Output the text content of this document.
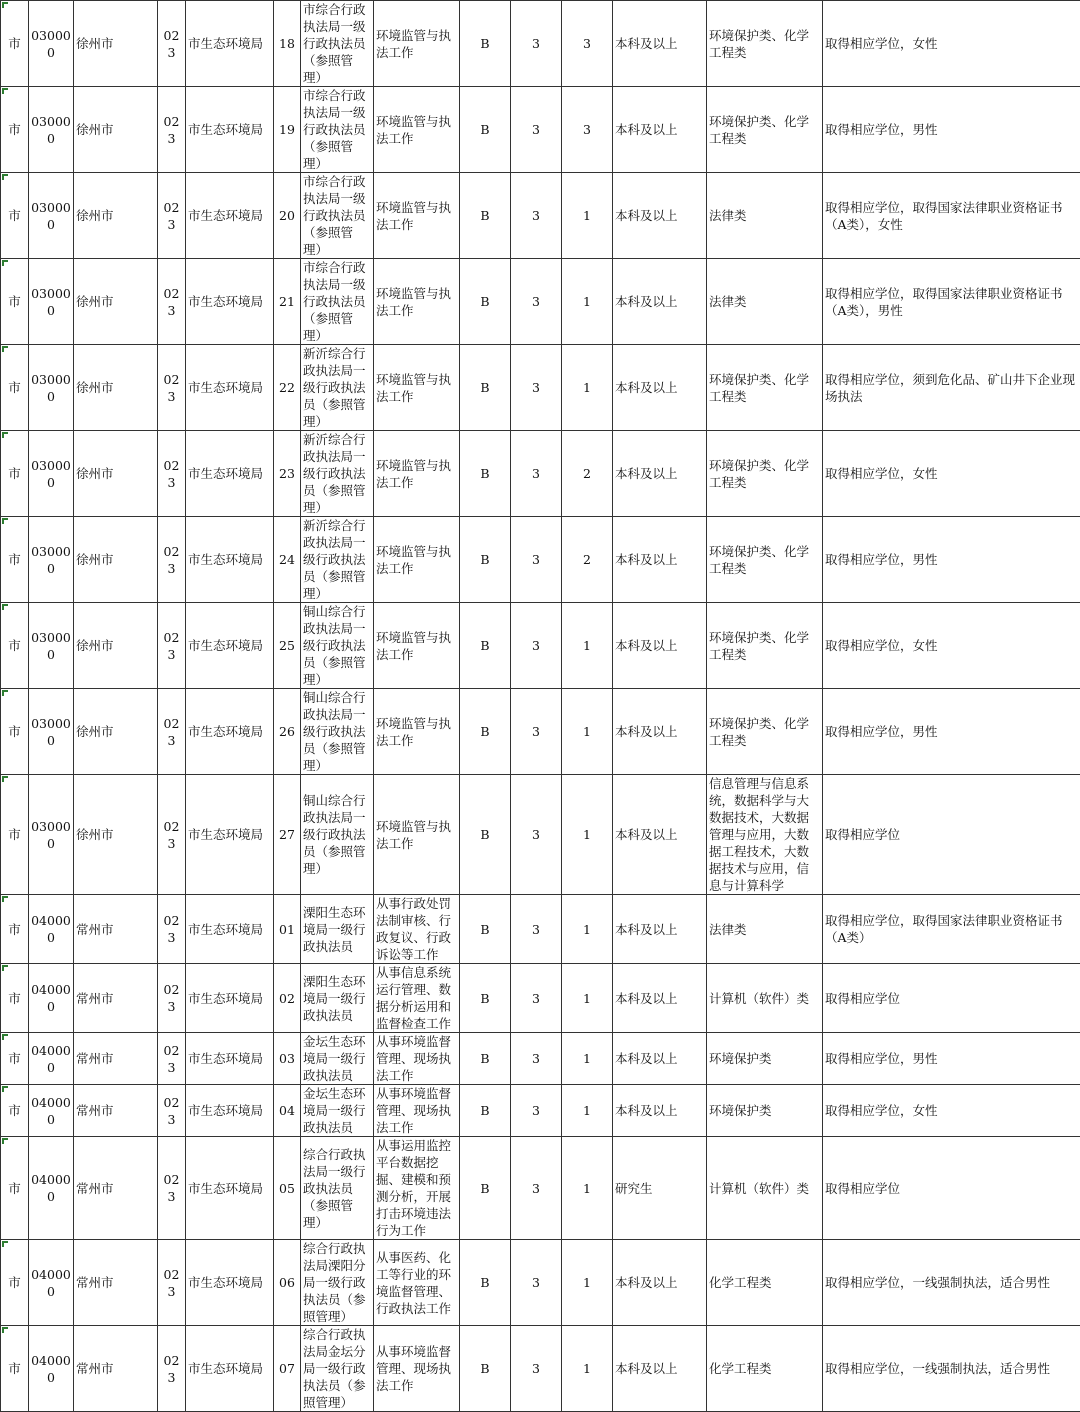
市	030000	徐州市	023	市生态环境局	18	市综合行政执法局一级行政执法员（参照管理）	环境监管与执法工作	B	3	3	本科及以上	环境保护类、化学工程类	取得相应学位，女性
市	030000	徐州市	023	市生态环境局	19	市综合行政执法局一级行政执法员（参照管理）	环境监管与执法工作	B	3	3	本科及以上	环境保护类、化学工程类	取得相应学位，男性
市	030000	徐州市	023	市生态环境局	20	市综合行政执法局一级行政执法员（参照管理）	环境监管与执法工作	B	3	1	本科及以上	法律类	取得相应学位，取得国家法律职业资格证书（A类），女性
市	030000	徐州市	023	市生态环境局	21	市综合行政执法局一级行政执法员（参照管理）	环境监管与执法工作	B	3	1	本科及以上	法律类	取得相应学位，取得国家法律职业资格证书（A类），男性
市	030000	徐州市	023	市生态环境局	22	新沂综合行政执法局一级行政执法员（参照管理）	环境监管与执法工作	B	3	1	本科及以上	环境保护类、化学工程类	取得相应学位，须到危化品、矿山井下企业现场执法
市	030000	徐州市	023	市生态环境局	23	新沂综合行政执法局一级行政执法员（参照管理）	环境监管与执法工作	B	3	2	本科及以上	环境保护类、化学工程类	取得相应学位，女性
市	030000	徐州市	023	市生态环境局	24	新沂综合行政执法局一级行政执法员（参照管理）	环境监管与执法工作	B	3	2	本科及以上	环境保护类、化学工程类	取得相应学位，男性
市	030000	徐州市	023	市生态环境局	25	铜山综合行政执法局一级行政执法员（参照管理）	环境监管与执法工作	B	3	1	本科及以上	环境保护类、化学工程类	取得相应学位，女性
市	030000	徐州市	023	市生态环境局	26	铜山综合行政执法局一级行政执法员（参照管理）	环境监管与执法工作	B	3	1	本科及以上	环境保护类、化学工程类	取得相应学位，男性
市	030000	徐州市	023	市生态环境局	27	铜山综合行政执法局一级行政执法员（参照管理）	环境监管与执法工作	B	3	1	本科及以上	信息管理与信息系统，数据科学与大数据技术，大数据管理与应用，大数据工程技术，大数据技术与应用，信息与计算科学	取得相应学位
市	040000	常州市	023	市生态环境局	01	溧阳生态环境局一级行政执法员	从事行政处罚法制审核、行政复议、行政诉讼等工作	B	3	1	本科及以上	法律类	取得相应学位，取得国家法律职业资格证书（A类）
市	040000	常州市	023	市生态环境局	02	溧阳生态环境局一级行政执法员	从事信息系统运行管理、数据分析运用和监督检查工作	B	3	1	本科及以上	计算机（软件）类	取得相应学位
市	040000	常州市	023	市生态环境局	03	金坛生态环境局一级行政执法员	从事环境监督管理、现场执法工作	B	3	1	本科及以上	环境保护类	取得相应学位，男性
市	040000	常州市	023	市生态环境局	04	金坛生态环境局一级行政执法员	从事环境监督管理、现场执法工作	B	3	1	本科及以上	环境保护类	取得相应学位，女性
市	040000	常州市	023	市生态环境局	05	综合行政执法局一级行政执法员（参照管理）	从事运用监控平台数据挖掘、建模和预测分析，开展打击环境违法行为工作	B	3	1	研究生	计算机（软件）类	取得相应学位
市	040000	常州市	023	市生态环境局	06	综合行政执法局溧阳分局一级行政执法员（参照管理）	从事医药、化工等行业的环境监督管理、行政执法工作	B	3	1	本科及以上	化学工程类	取得相应学位，一线强制执法，适合男性
市	040000	常州市	023	市生态环境局	07	综合行政执法局金坛分局一级行政执法员（参照管理）	从事环境监督管理、现场执法工作	B	3	1	本科及以上	化学工程类	取得相应学位，一线强制执法，适合男性
